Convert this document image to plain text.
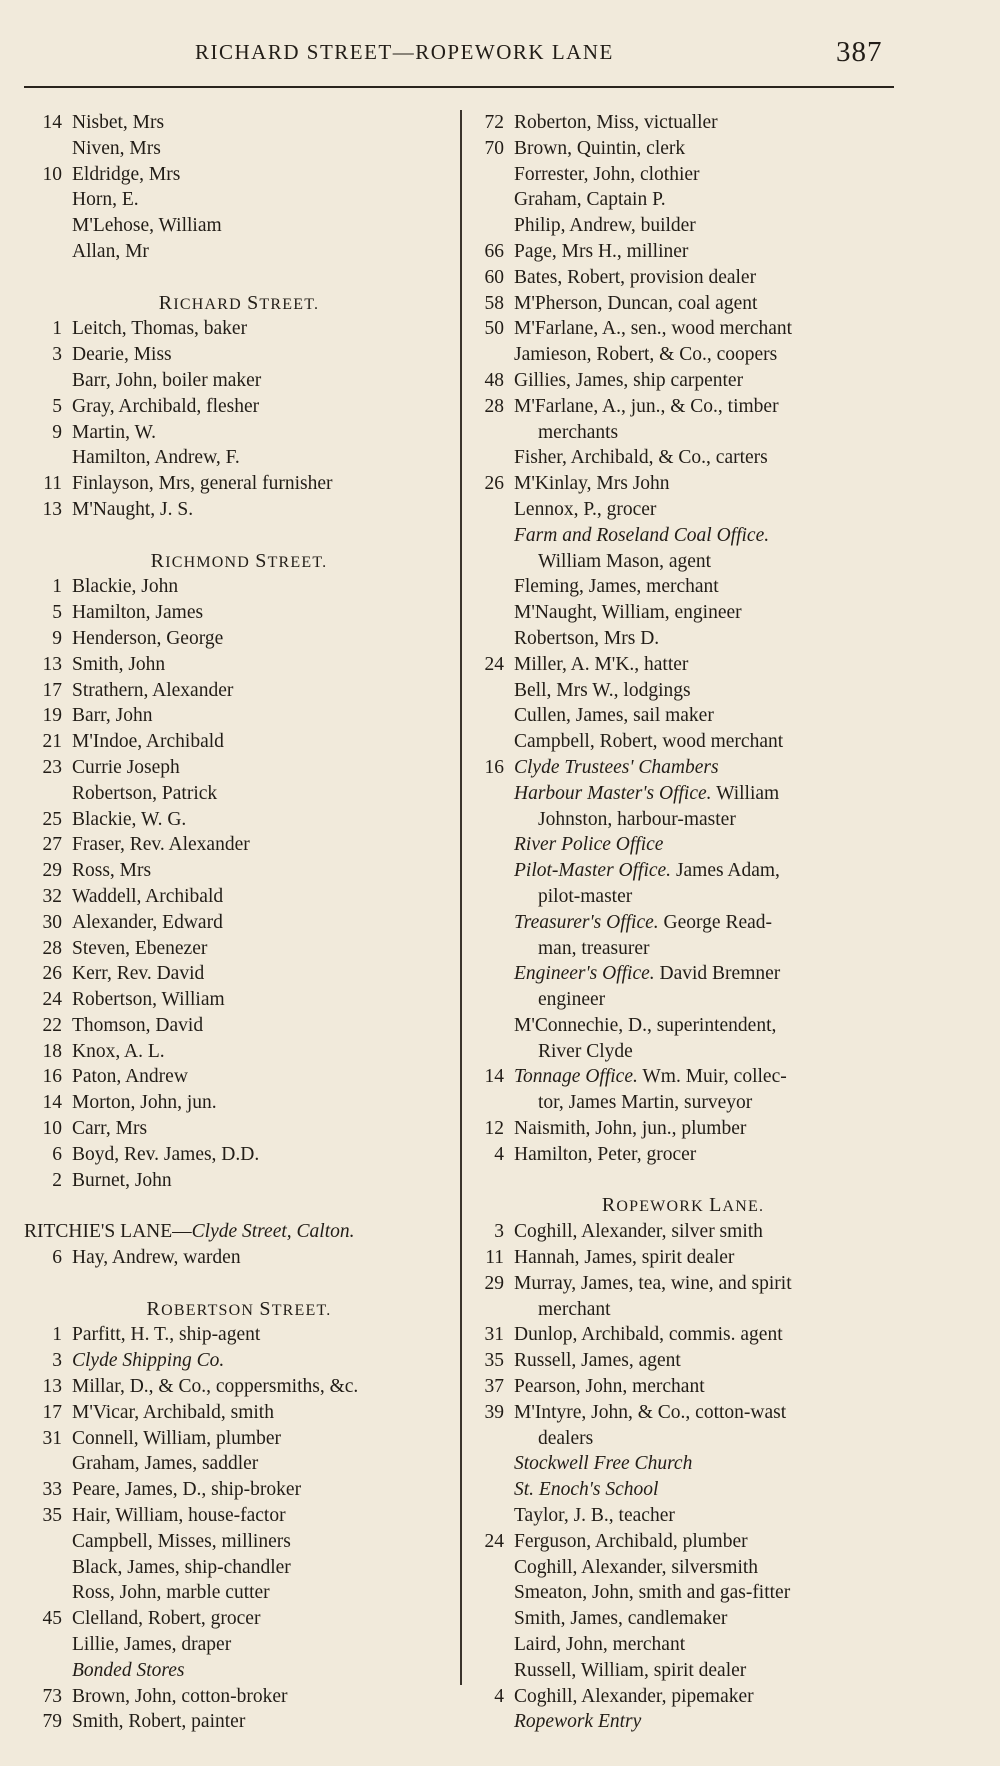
RICHARD STREET—ROPEWORK LANE	387
14 Nisbet, Mrs
Niven, Mrs
10 Eldridge, Mrs
Horn, E.
M'Lehose, William
Allan, Mr
RICHARD STREET.
1 Leitch, Thomas, baker
3 Dearie, Miss
Barr, John, boiler maker
5 Gray, Archibald, flesher
9 Martin, W.
Hamilton, Andrew, F.
11 Finlayson, Mrs, general furnisher
13 M'Naught, J. S.
RICHMOND STREET.
1 Blackie, John
5 Hamilton, James
9 Henderson, George
13 Smith, John
17 Strathern, Alexander
19 Barr, John
21 M'Indoe, Archibald
23 Currie Joseph
Robertson, Patrick
25 Blackie, W. G.
27 Fraser, Rev. Alexander
29 Ross, Mrs
32 Waddell, Archibald
30 Alexander, Edward
28 Steven, Ebenezer
26 Kerr, Rev. David
24 Robertson, William
22 Thomson, David
18 Knox, A. L.
16 Paton, Andrew
14 Morton, John, jun.
10 Carr, Mrs
6 Boyd, Rev. James, D.D.
2 Burnet, John
RITCHIE'S LANE—Clyde Street, Calton.
6 Hay, Andrew, warden
ROBERTSON STREET.
1 Parfitt, H. T., ship-agent
3 Clyde Shipping Co.
13 Millar, D., & Co., coppersmiths, &c.
17 M'Vicar, Archibald, smith
31 Connell, William, plumber
Graham, James, saddler
33 Peare, James, D., ship-broker
35 Hair, William, house-factor
Campbell, Misses, milliners
Black, James, ship-chandler
Ross, John, marble cutter
45 Clelland, Robert, grocer
Lillie, James, draper
Bonded Stores
73 Brown, John, cotton-broker
79 Smith, Robert, painter
72 Roberton, Miss, victualler
70 Brown, Quintin, clerk
Forrester, John, clothier
Graham, Captain P.
Philip, Andrew, builder
66 Page, Mrs H., milliner
60 Bates, Robert, provision dealer
58 M'Pherson, Duncan, coal agent
50 M'Farlane, A., sen., wood merchant
Jamieson, Robert, & Co., coopers
48 Gillies, James, ship carpenter
28 M'Farlane, A., jun., & Co., timber
merchants
Fisher, Archibald, & Co., carters
26 M'Kinlay, Mrs John
Lennox, P., grocer
Farm and Roseland Coal Office.
William Mason, agent
Fleming, James, merchant
M'Naught, William, engineer
Robertson, Mrs D.
24 Miller, A. M'K., hatter
Bell, Mrs W., lodgings
Cullen, James, sail maker
Campbell, Robert, wood merchant
16 Clyde Trustees' Chambers
Harbour Master's Office. William
Johnston, harbour-master
River Police Office
Pilot-Master Office. James Adam,
pilot-master
Treasurer's Office. George Read-
man, treasurer
Engineer's Office. David Bremner
engineer
M'Connechie, D., superintendent,
River Clyde
14 Tonnage Office. Wm. Muir, collec-
tor, James Martin, surveyor
12 Naismith, John, jun., plumber
4 Hamilton, Peter, grocer
ROPEWORK LANE.
3 Coghill, Alexander, silver smith
11 Hannah, James, spirit dealer
29 Murray, James, tea, wine, and spirit
merchant
31 Dunlop, Archibald, commis. agent
35 Russell, James, agent
37 Pearson, John, merchant
39 M'Intyre, John, & Co., cotton-wast
dealers
Stockwell Free Church
St. Enoch's School
Taylor, J. B., teacher
24 Ferguson, Archibald, plumber
Coghill, Alexander, silversmith
Smeaton, John, smith and gas-fitter
Smith, James, candlemaker
Laird, John, merchant
Russell, William, spirit dealer
4 Coghill, Alexander, pipemaker
Ropework Entry
